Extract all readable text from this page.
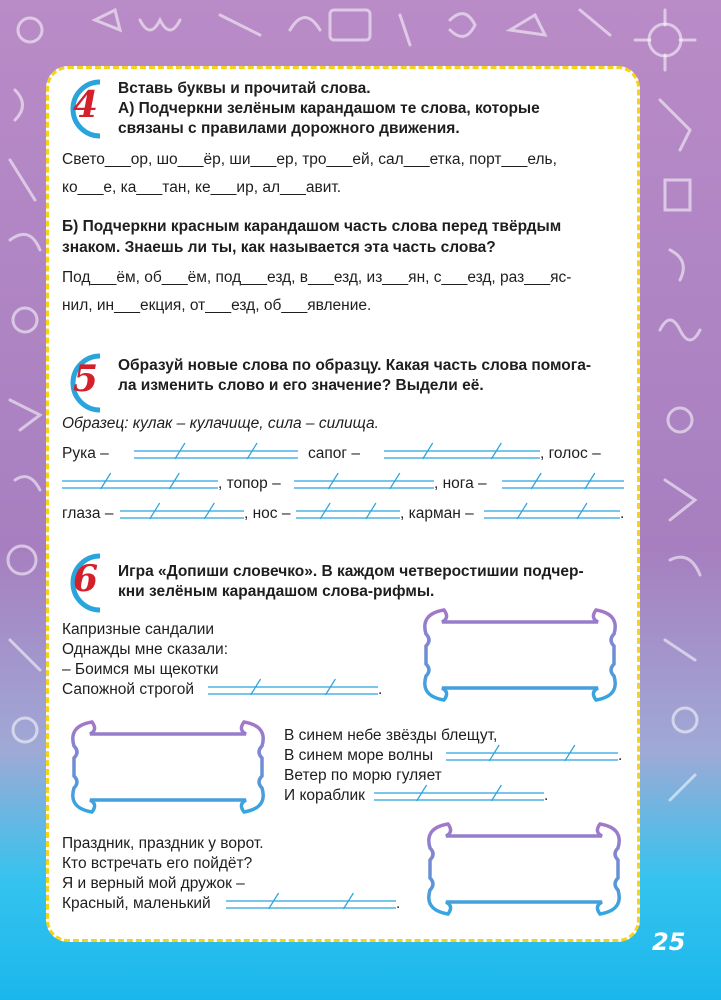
4 Вставь буквы и прочитай слова.
А) Подчеркни зелёным карандашом те слова, которые
связаны с правилами дорожного движения.
Свето___ор, шо___ёр, ши___ер, тро___ей, сал___етка, порт___ель,
ко___е, ка___тан, ке___ир, ал___авит.
Б) Подчеркни красным карандашом часть слова перед твёрдым
знаком. Знаешь ли ты, как называется эта часть слова?
Под___ём, об___ём, под___езд, в___езд, из___ян, с___езд, раз___яс-
нил, ин___екция, от___езд, об___явление.
5 Образуй новые слова по образцу. Какая часть слова помога-
ла изменить слово и его значение? Выдели её.
Образец: кулак – кулачище, сила – силища.
Рука –	сапог –	, голос –
, топор –	, нога –
глаза –	, нос –	, карман –	.
6 Игра «Допиши словечко». В каждом четверостишии подчер-
кни зелёным карандашом слова-рифмы.
Капризные сандалии
Однажды мне сказали:
– Боимся мы щекотки
Сапожной строгой	.
В синем небе звёзды блещут,
В синем море волны	.
Ветер по морю гуляет
И кораблик	.
Праздник, праздник у ворот.
Кто встречать его пойдёт?
Я и верный мой дружок –
Красный, маленький	.
25
